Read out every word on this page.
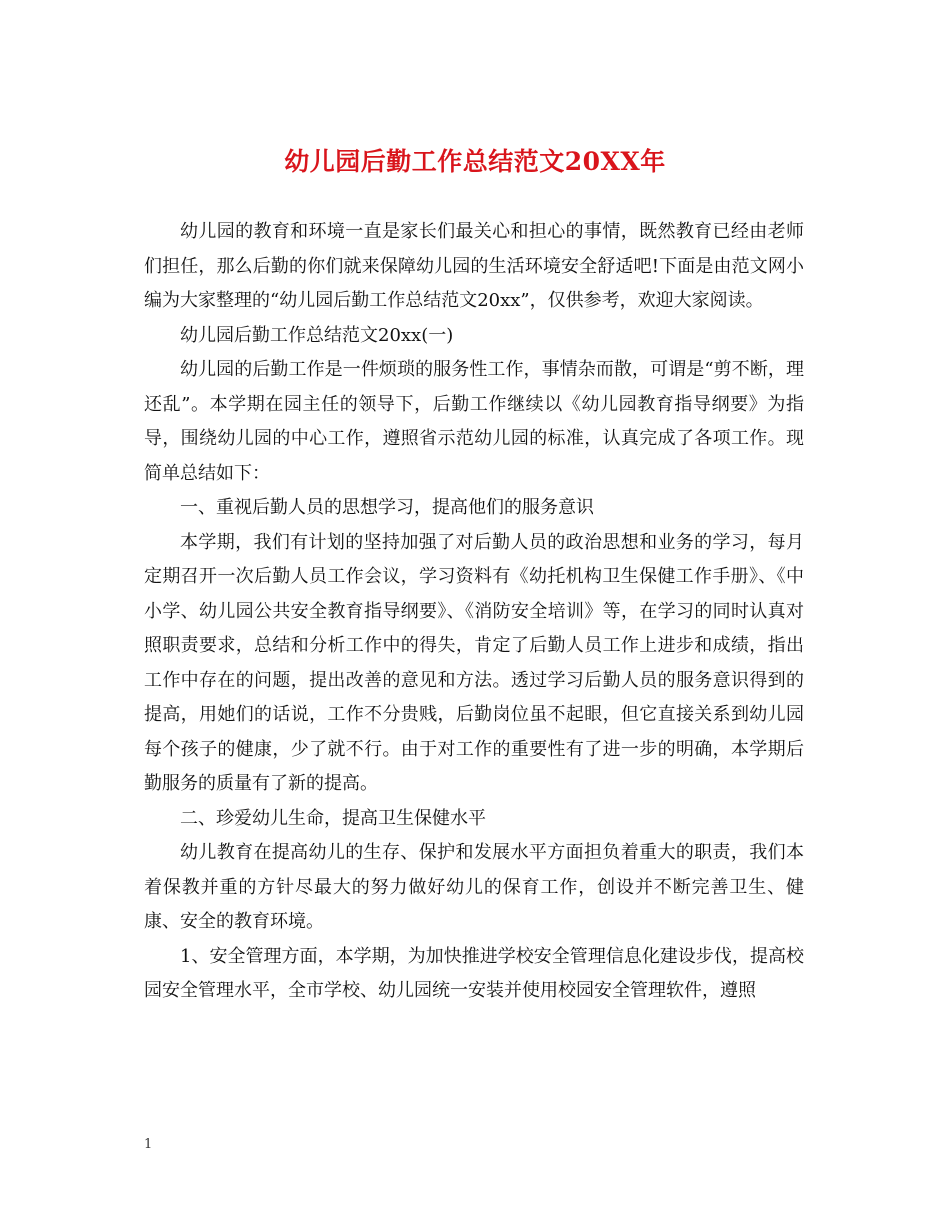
幼儿园后勤工作总结范文20XX年

幼儿园的教育和环境一直是家长们最关心和担心的事情，既然教育已经由老师们担任，那么后勤的你们就来保障幼儿园的生活环境安全舒适吧!下面是由范文网小编为大家整理的“幼儿园后勤工作总结范文20xx”，仅供参考，欢迎大家阅读。

幼儿园后勤工作总结范文20xx(一)

幼儿园的后勤工作是一件烦琐的服务性工作，事情杂而散，可谓是“剪不断，理还乱”。本学期在园主任的领导下，后勤工作继续以《幼儿园教育指导纲要》为指导，围绕幼儿园的中心工作，遵照省示范幼儿园的标准，认真完成了各项工作。现简单总结如下：

一、重视后勤人员的思想学习，提高他们的服务意识

本学期，我们有计划的坚持加强了对后勤人员的政治思想和业务的学习，每月定期召开一次后勤人员工作会议，学习资料有《幼托机构卫生保健工作手册》、《中小学、幼儿园公共安全教育指导纲要》、《消防安全培训》等，在学习的同时认真对照职责要求，总结和分析工作中的得失，肯定了后勤人员工作上进步和成绩，指出工作中存在的问题，提出改善的意见和方法。透过学习后勤人员的服务意识得到的提高，用她们的话说，工作不分贵贱，后勤岗位虽不起眼，但它直接关系到幼儿园每个孩子的健康，少了就不行。由于对工作的重要性有了进一步的明确，本学期后勤服务的质量有了新的提高。

二、珍爱幼儿生命，提高卫生保健水平

幼儿教育在提高幼儿的生存、保护和发展水平方面担负着重大的职责，我们本着保教并重的方针尽最大的努力做好幼儿的保育工作，创设并不断完善卫生、健康、安全的教育环境。

1、安全管理方面，本学期，为加快推进学校安全管理信息化建设步伐，提高校园安全管理水平，全市学校、幼儿园统一安装并使用校园安全管理软件，遵照

1
